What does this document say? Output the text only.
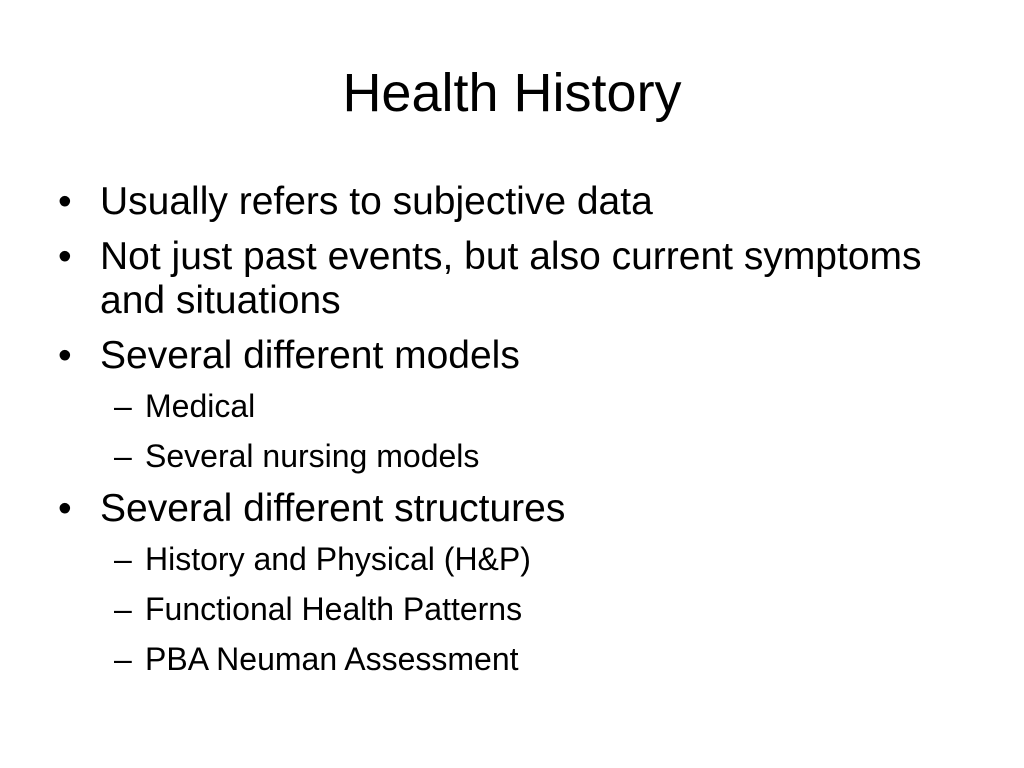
Health History
• Usually refers to subjective data
• Not just past events, but also current symptoms and situations
• Several different models
– Medical
– Several nursing models
• Several different structures
– History and Physical (H&P)
– Functional Health Patterns
– PBA Neuman Assessment
